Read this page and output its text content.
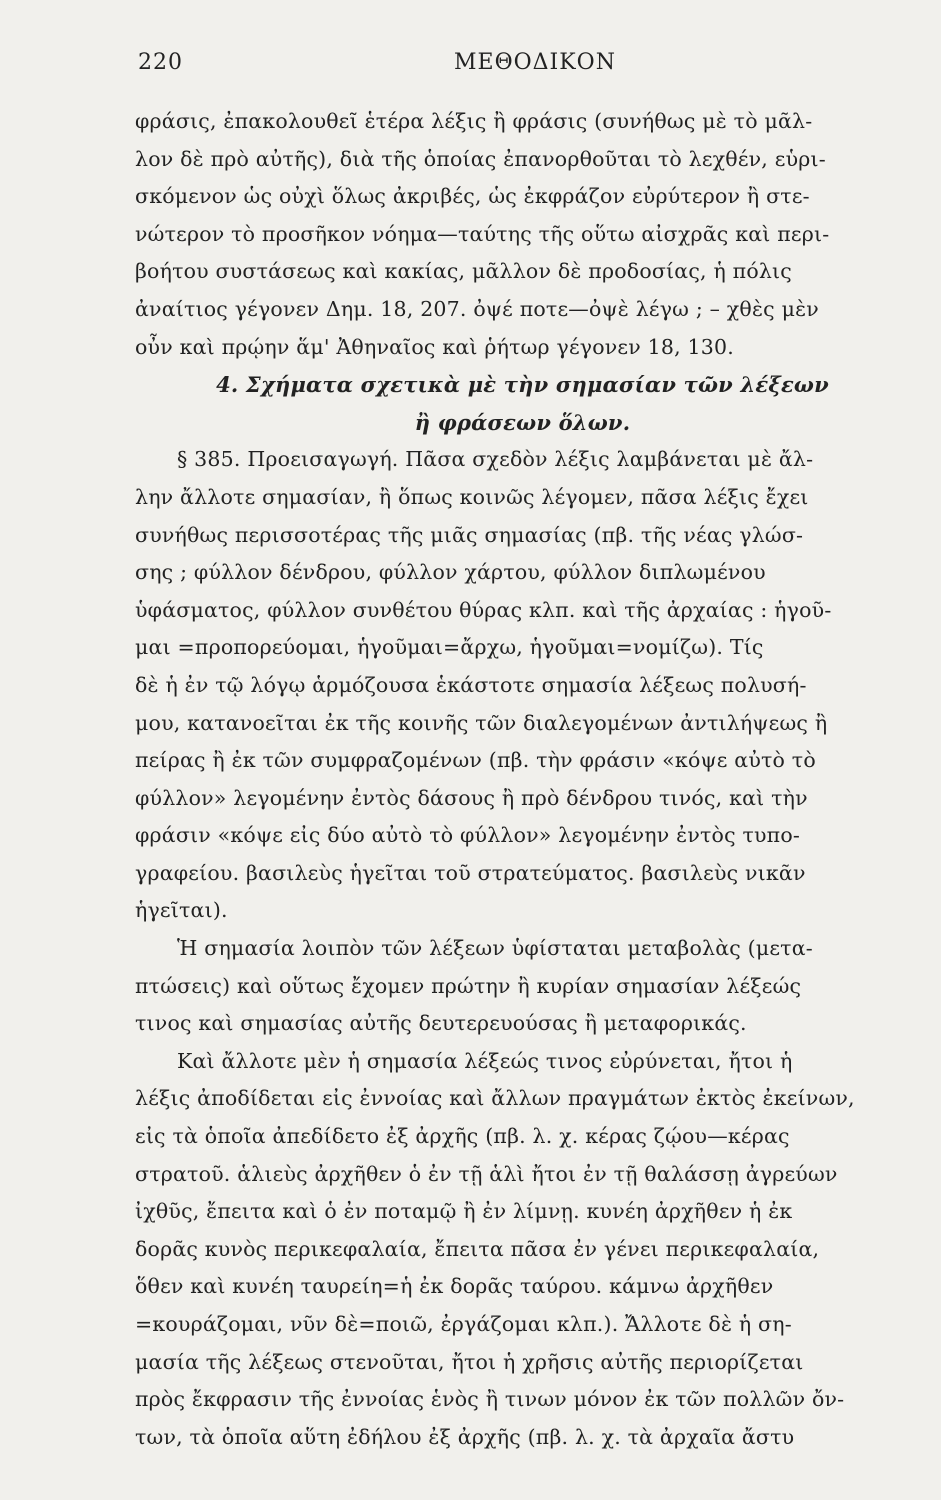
220	ΜΕΘΟΔΙΚΟΝ
φράσις, ἐπακολουθεῖ ἑτέρα λέξις ἢ φράσις (συνήθως μὲ τὸ μᾶλ-
λον δὲ πρὸ αὐτῆς), διὰ τῆς ὁποίας ἐπανορθοῦται τὸ λεχθέν, εὑρι-
σκόμενον ὡς οὐχὶ ὅλως ἀκριβές, ὡς ἐκφράζον εὐρύτερον ἢ στε-
νώτερον τὸ προσῆκον νόημα—ταύτης τῆς οὕτω αἰσχρᾶς καὶ περι-
βοήτου συστάσεως καὶ κακίας, μᾶλλον δὲ προδοσίας, ἡ πόλις
ἀναίτιος γέγονεν Δημ. 18, 207. ὀψέ ποτε—ὀψὲ λέγω ; – χθὲς μὲν
οὖν καὶ πρῴην ἅμ' Ἀθηναῖος καὶ ῥήτωρ γέγονεν 18, 130.
4. Σχήματα σχετικὰ μὲ τὴν σημασίαν τῶν λέξεων
ἢ φράσεων ὅλων.
§ 385. Προεισαγωγή. Πᾶσα σχεδὸν λέξις λαμβάνεται μὲ ἄλ-
λην ἄλλοτε σημασίαν, ἢ ὅπως κοινῶς λέγομεν, πᾶσα λέξις ἔχει
συνήθως περισσοτέρας τῆς μιᾶς σημασίας (πβ. τῆς νέας γλώσ-
σης ; φύλλον δένδρου, φύλλον χάρτου, φύλλον διπλωμένου
ὑφάσματος, φύλλον συνθέτου θύρας κλπ. καὶ τῆς ἀρχαίας : ἡγοῦ-
μαι =προπορεύομαι, ἡγοῦμαι=ἄρχω, ἡγοῦμαι=νομίζω). Τίς
δὲ ἡ ἐν τῷ λόγῳ ἁρμόζουσα ἑκάστοτε σημασία λέξεως πολυσή-
μου, κατανοεῖται ἐκ τῆς κοινῆς τῶν διαλεγομένων ἀντιλήψεως ἢ
πείρας ἢ ἐκ τῶν συμφραζομένων (πβ. τὴν φράσιν «κόψε αὐτὸ τὸ
φύλλον» λεγομένην ἐντὸς δάσους ἢ πρὸ δένδρου τινός, καὶ τὴν
φράσιν «κόψε εἰς δύο αὐτὸ τὸ φύλλον» λεγομένην ἐντὸς τυπο-
γραφείου. βασιλεὺς ἡγεῖται τοῦ στρατεύματος. βασιλεὺς νικᾶν
ἡγεῖται).
Ἡ σημασία λοιπὸν τῶν λέξεων ὑφίσταται μεταβολὰς (μετα-
πτώσεις) καὶ οὕτως ἔχομεν πρώτην ἢ κυρίαν σημασίαν λέξεώς
τινος καὶ σημασίας αὐτῆς δευτερευούσας ἢ μεταφορικάς.
Καὶ ἄλλοτε μὲν ἡ σημασία λέξεώς τινος εὐρύνεται, ἤτοι ἡ
λέξις ἀποδίδεται εἰς ἐννοίας καὶ ἄλλων πραγμάτων ἐκτὸς ἐκείνων,
εἰς τὰ ὁποῖα ἀπεδίδετο ἐξ ἀρχῆς (πβ. λ. χ. κέρας ζῴου—κέρας
στρατοῦ. ἁλιεὺς ἀρχῆθεν ὁ ἐν τῇ ἁλὶ ἤτοι ἐν τῇ θαλάσσῃ ἀγρεύων
ἰχθῦς, ἔπειτα καὶ ὁ ἐν ποταμῷ ἢ ἐν λίμνῃ. κυνέη ἀρχῆθεν ἡ ἐκ
δορᾶς κυνὸς περικεφαλαία, ἔπειτα πᾶσα ἐν γένει περικεφαλαία,
ὅθεν καὶ κυνέη ταυρείη=ἡ ἐκ δορᾶς ταύρου. κάμνω ἀρχῆθεν
=κουράζομαι, νῦν δὲ=ποιῶ, ἐργάζομαι κλπ.). Ἄλλοτε δὲ ἡ ση-
μασία τῆς λέξεως στενοῦται, ἤτοι ἡ χρῆσις αὐτῆς περιορίζεται
πρὸς ἔκφρασιν τῆς ἐννοίας ἑνὸς ἢ τινων μόνον ἐκ τῶν πολλῶν ὄν-
των, τὰ ὁποῖα αὕτη ἐδήλου ἐξ ἀρχῆς (πβ. λ. χ. τὰ ἀρχαῖα ἄστυ
